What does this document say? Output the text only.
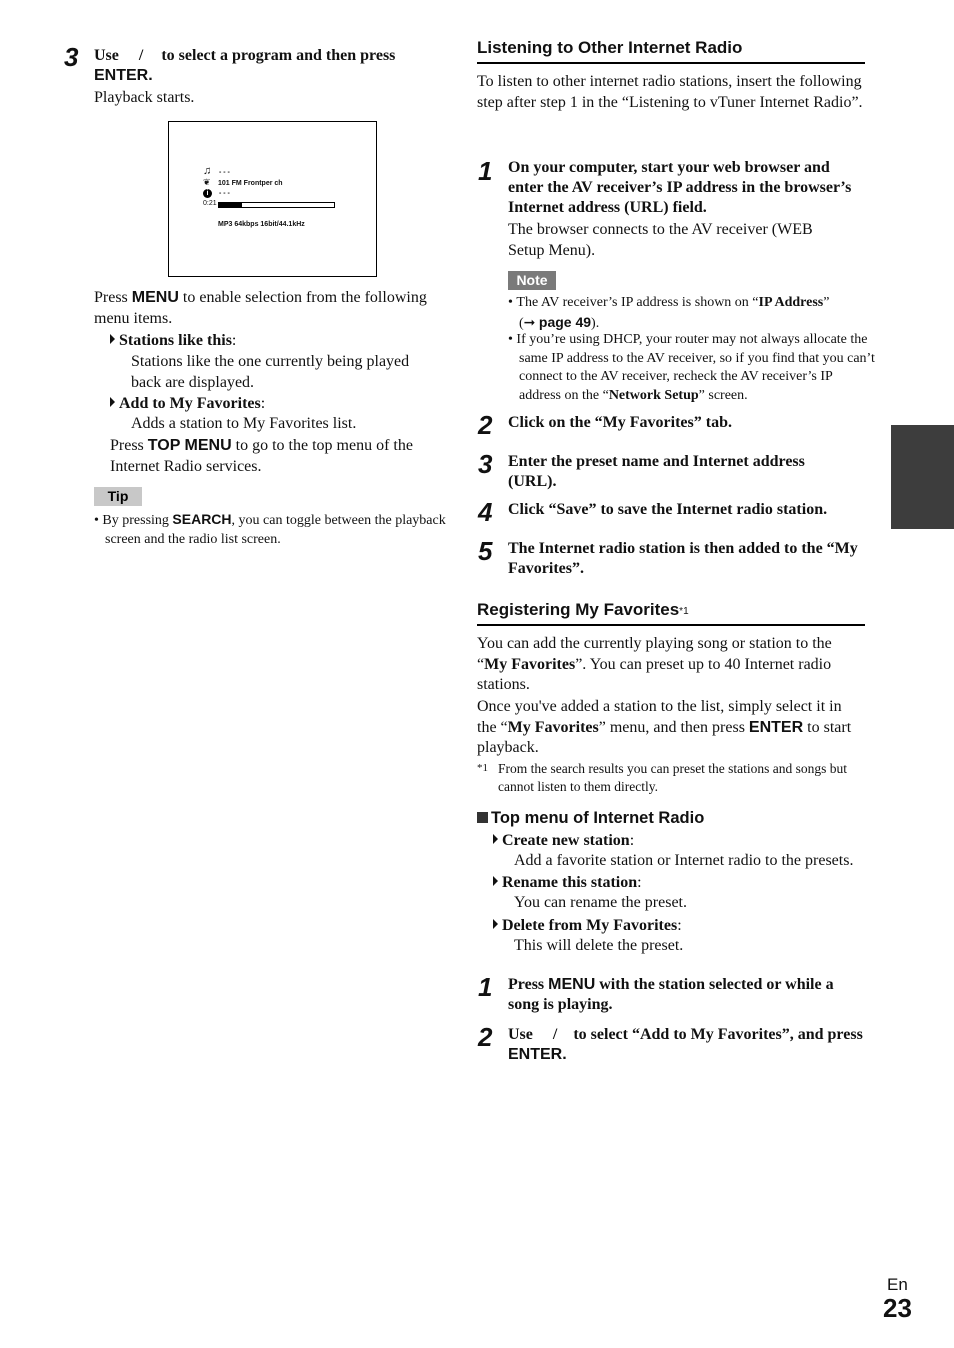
3 Use / to select a program and then press
ENTER.
Playback starts.
♫ - - -
❦ 101 FM Frontper ch
i	- - -
0:21
MP3 64kbps 16bit/44.1kHz
Press MENU to enable selection from the following menu items.
Stations like this:
Stations like the one currently being played back are displayed.
Add to My Favorites:
Adds a station to My Favorites list.
Press TOP MENU to go to the top menu of the Internet Radio services.
Tip
• By pressing SEARCH, you can toggle between the playback screen and the radio list screen.
Listening to Other Internet Radio
To listen to other internet radio stations, insert the following step after step 1 in the “Listening to vTuner Internet Radio”.
1 On your computer, start your web browser and enter the AV receiver’s IP address in the browser’s Internet address (URL) field.
The browser connects to the AV receiver (WEB Setup Menu).
Note
• The AV receiver’s IP address is shown on “IP Address”
(➞ page 49).
• If you’re using DHCP, your router may not always allocate the same IP address to the AV receiver, so if you find that you can’t connect to the AV receiver, recheck the AV receiver’s IP address on the “Network Setup” screen.
2 Click on the “My Favorites” tab.
3 Enter the preset name and Internet address (URL).
4 Click “Save” to save the Internet radio station.
5 The Internet radio station is then added to the “My Favorites”.
Registering My Favorites*1
You can add the currently playing song or station to the “My Favorites”. You can preset up to 40 Internet radio stations.
Once you've added a station to the list, simply select it in the “My Favorites” menu, and then press ENTER to start playback.
*1 From the search results you can preset the stations and songs but cannot listen to them directly.
Top menu of Internet Radio
Create new station:
Add a favorite station or Internet radio to the presets.
Rename this station:
You can rename the preset.
Delete from My Favorites:
This will delete the preset.
1 Press MENU with the station selected or while a song is playing.
2 Use / to select “Add to My Favorites”, and press
ENTER.
En
23
